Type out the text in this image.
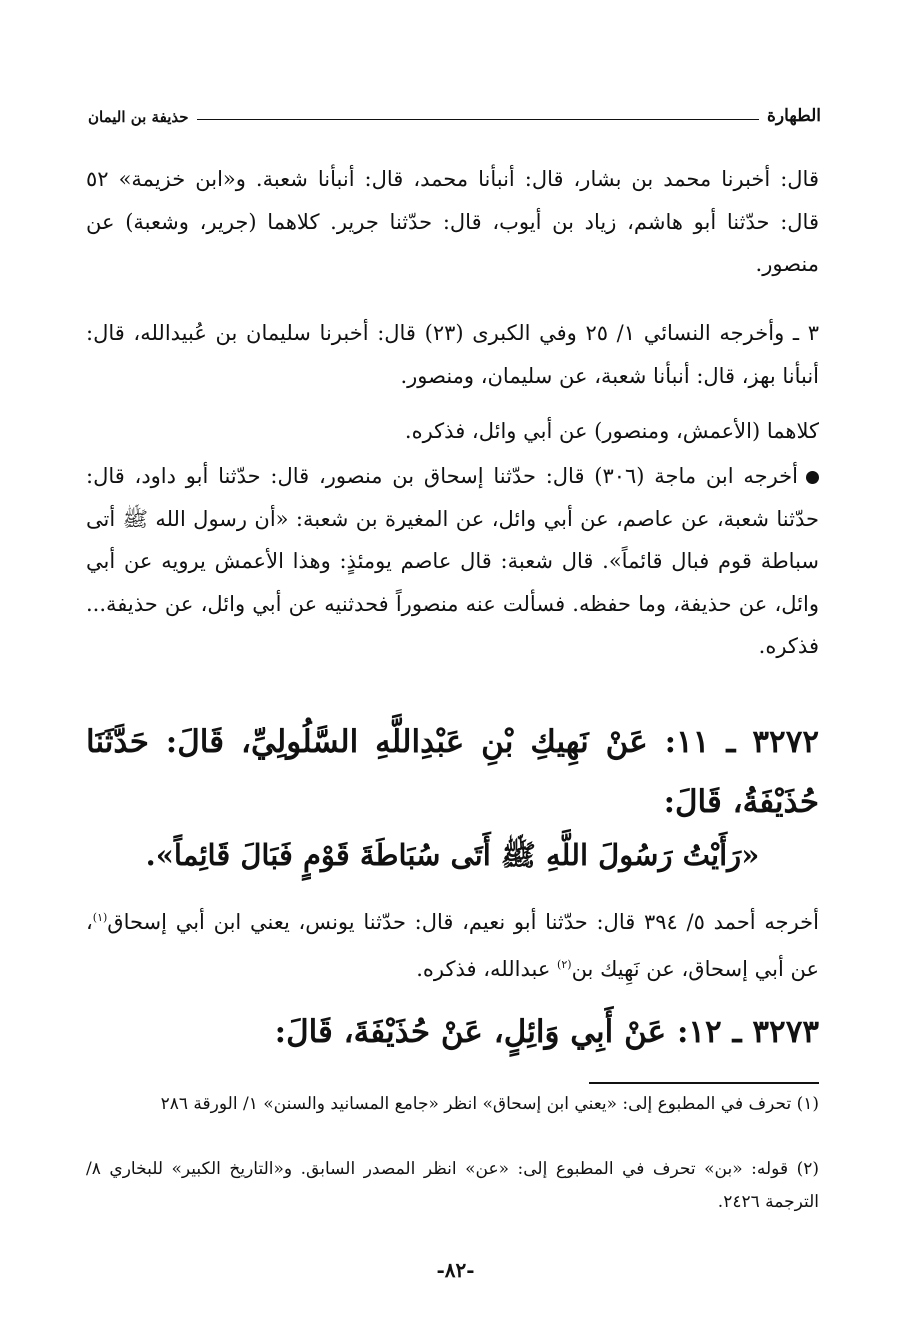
الطهارة
حذيفة بن اليمان

قال: أخبرنا محمد بن بشار، قال: أنبأنا محمد، قال: أنبأنا شعبة. و«ابن خزيمة» ٥٢ قال: حدّثنا أبو هاشم، زياد بن أيوب، قال: حدّثنا جرير. كلاهما (جرير، وشعبة) عن منصور.

٣ ـ وأخرجه النسائي ١/ ٢٥ وفي الكبرى (٢٣) قال: أخبرنا سليمان بن عُبيدالله، قال: أنبأنا بهز، قال: أنبأنا شعبة، عن سليمان، ومنصور.

كلاهما (الأعمش، ومنصور) عن أبي وائل، فذكره.

أخرجه ابن ماجة (٣٠٦) قال: حدّثنا إسحاق بن منصور، قال: حدّثنا أبو داود، قال: حدّثنا شعبة، عن عاصم، عن أبي وائل، عن المغيرة بن شعبة: «أن رسول الله ﷺ أتى سباطة قوم فبال قائماً». قال شعبة: قال عاصم يومئذٍ: وهذا الأعمش يرويه عن أبي وائل، عن حذيفة، وما حفظه. فسألت عنه منصوراً فحدثنيه عن أبي وائل، عن حذيفة... فذكره.

٣٢٧٢ ـ ١١: عَنْ نَهِيكِ بْنِ عَبْدِاللَّهِ السَّلُولِيِّ، قَالَ: حَدَّثَنَا حُذَيْفَةُ، قَالَ:

«رَأَيْتُ رَسُولَ اللَّهِ ﷺ أَتَى سُبَاطَةَ قَوْمٍ فَبَالَ قَائِماً».

أخرجه أحمد ٥/ ٣٩٤ قال: حدّثنا أبو نعيم، قال: حدّثنا يونس، يعني ابن أبي إسحاق$^{(١)}$، عن أبي إسحاق، عن نَهِيك بن$^{(٢)}$ عبدالله، فذكره.

٣٢٧٣ ـ ١٢: عَنْ أَبِي وَائِلٍ، عَنْ حُذَيْفَةَ، قَالَ:

(١) تحرف في المطبوع إلى: «يعني ابن إسحاق» انظر «جامع المسانيد والسنن» ١/ الورقة ٢٨٦

(٢) قوله: «بن» تحرف في المطبوع إلى: «عن» انظر المصدر السابق. و«التاريخ الكبير» للبخاري ٨/ الترجمة ٢٤٢٦.

-٨٢-
